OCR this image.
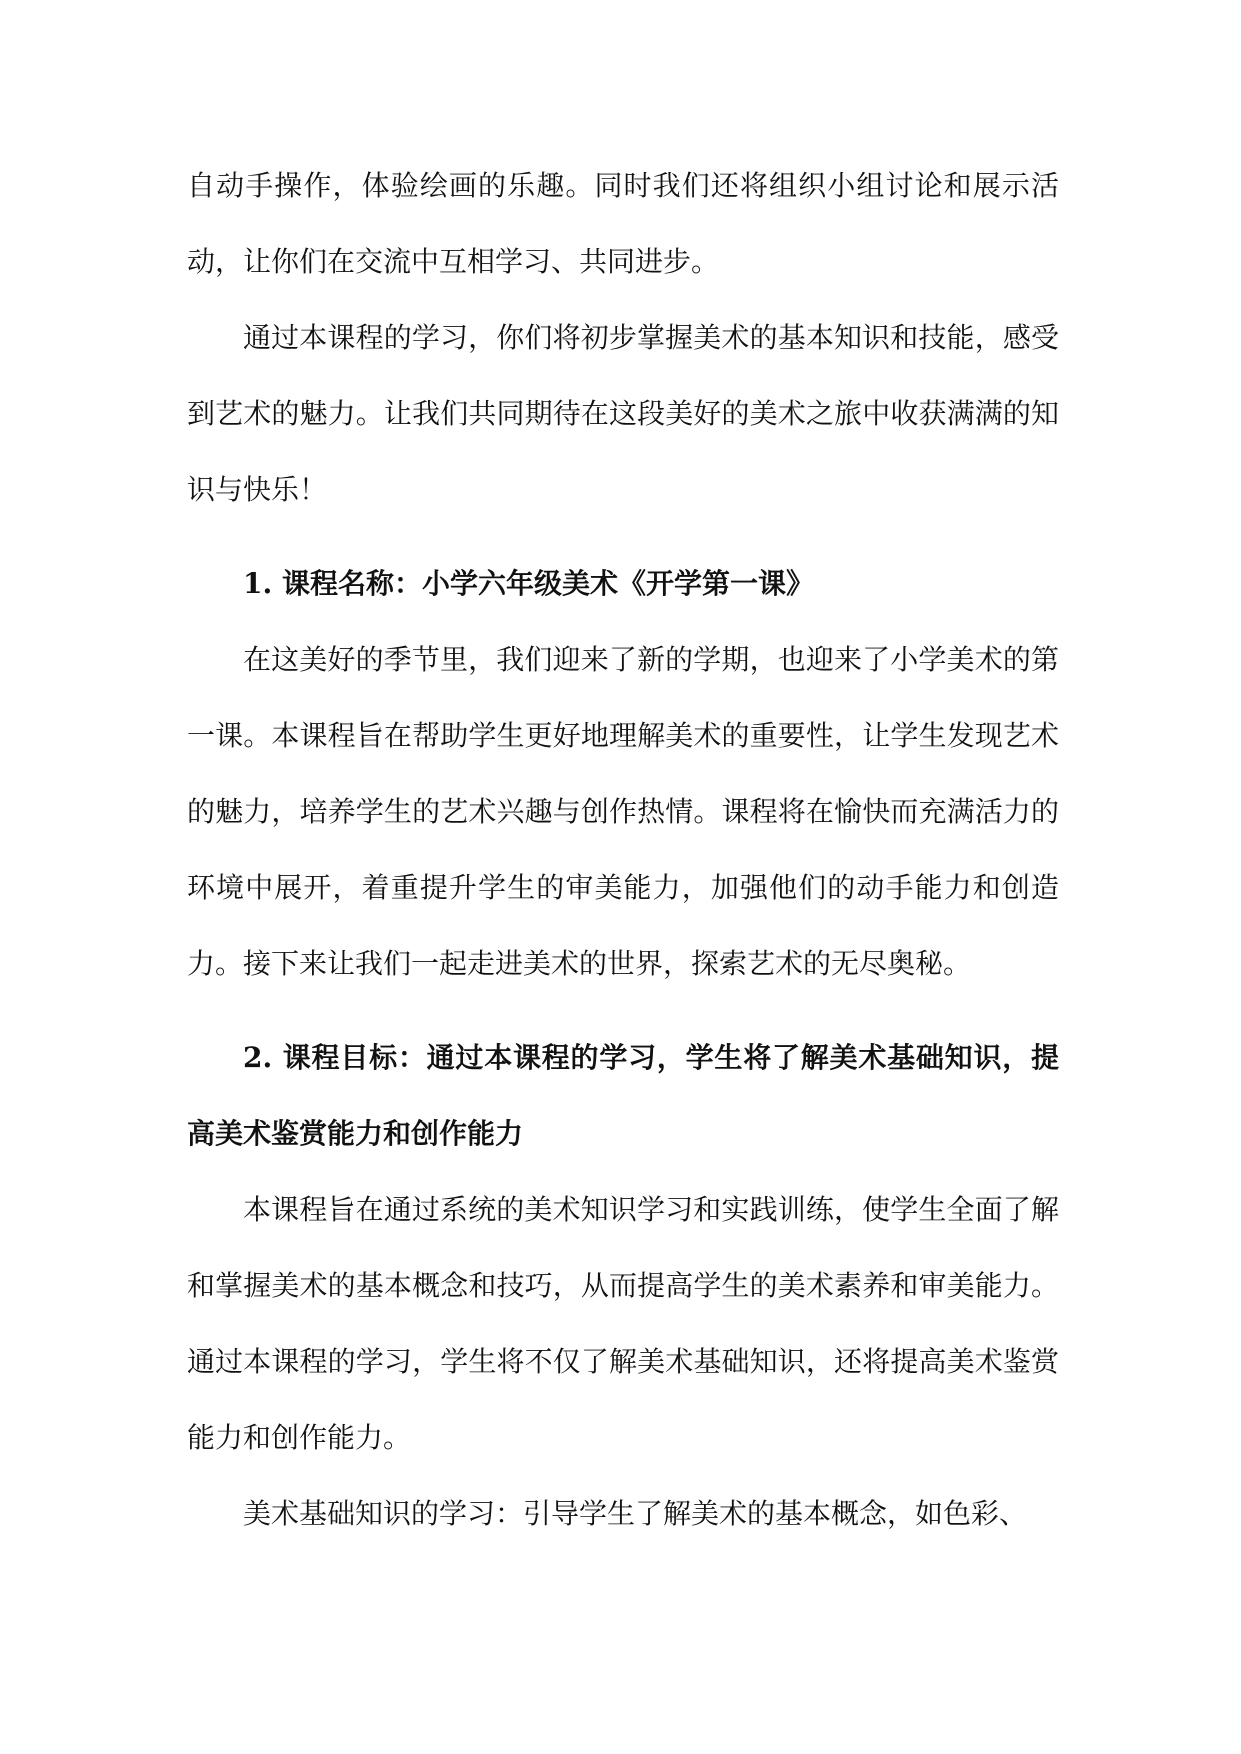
自动手操作，体验绘画的乐趣。同时我们还将组织小组讨论和展示活动，让你们在交流中互相学习、共同进步。

通过本课程的学习，你们将初步掌握美术的基本知识和技能，感受到艺术的魅力。让我们共同期待在这段美好的美术之旅中收获满满的知识与快乐！

1. 课程名称：小学六年级美术《开学第一课》

在这美好的季节里，我们迎来了新的学期，也迎来了小学美术的第一课。本课程旨在帮助学生更好地理解美术的重要性，让学生发现艺术的魅力，培养学生的艺术兴趣与创作热情。课程将在愉快而充满活力的环境中展开，着重提升学生的审美能力，加强他们的动手能力和创造力。接下来让我们一起走进美术的世界，探索艺术的无尽奥秘。

2. 课程目标：通过本课程的学习，学生将了解美术基础知识，提高美术鉴赏能力和创作能力

本课程旨在通过系统的美术知识学习和实践训练，使学生全面了解和掌握美术的基本概念和技巧，从而提高学生的美术素养和审美能力。通过本课程的学习，学生将不仅了解美术基础知识，还将提高美术鉴赏能力和创作能力。

美术基础知识的学习：引导学生了解美术的基本概念，如色彩、
